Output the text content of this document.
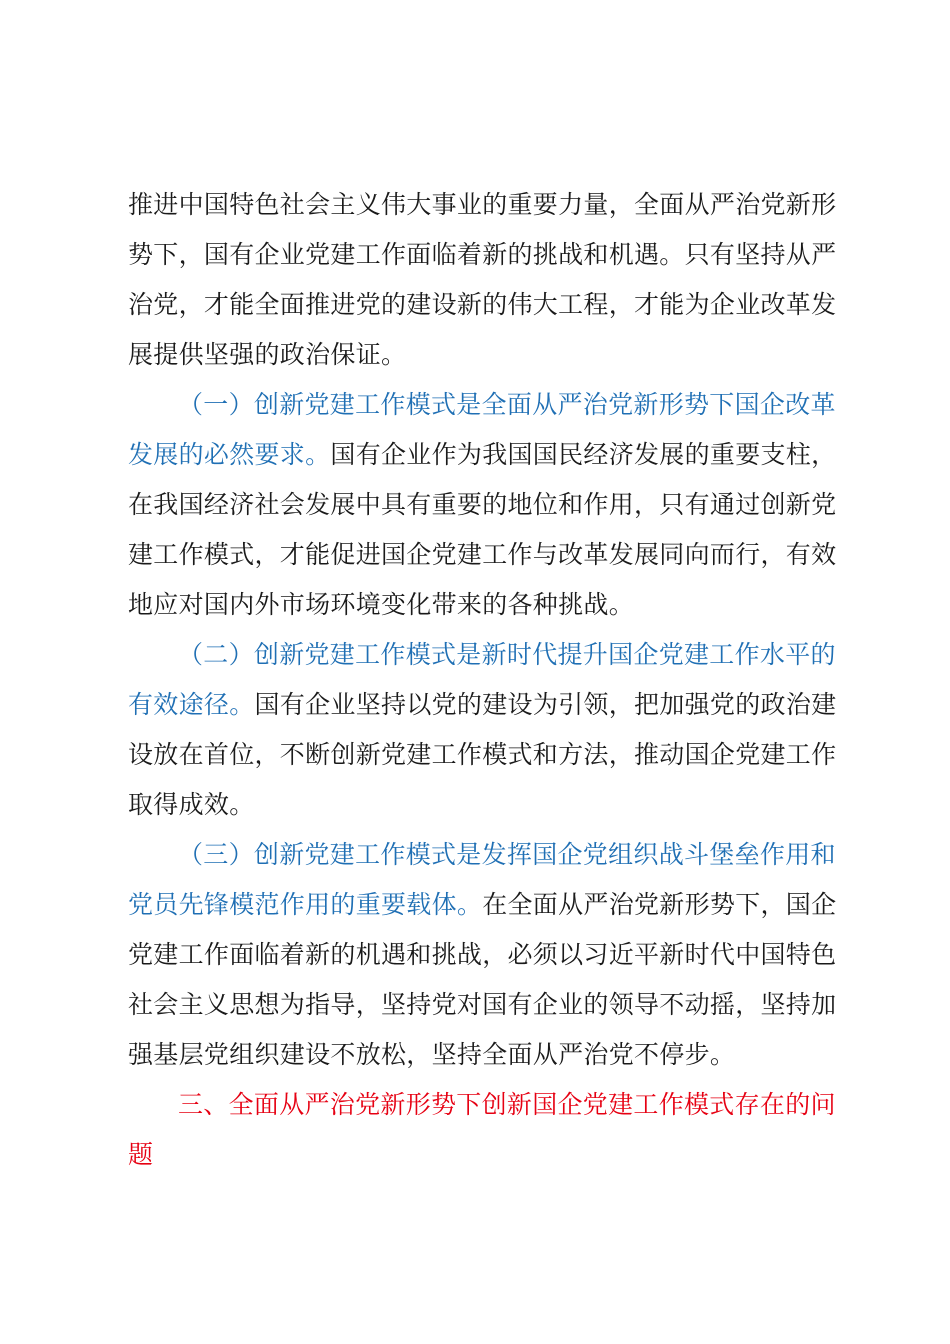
推进中国特色社会主义伟大事业的重要力量，全面从严治党新形
势下，国有企业党建工作面临着新的挑战和机遇。只有坚持从严
治党，才能全面推进党的建设新的伟大工程，才能为企业改革发
展提供坚强的政治保证。
（一）创新党建工作模式是全面从严治党新形势下国企改革
发展的必然要求。国有企业作为我国国民经济发展的重要支柱，
在我国经济社会发展中具有重要的地位和作用，只有通过创新党
建工作模式，才能促进国企党建工作与改革发展同向而行，有效
地应对国内外市场环境变化带来的各种挑战。
（二）创新党建工作模式是新时代提升国企党建工作水平的
有效途径。国有企业坚持以党的建设为引领，把加强党的政治建
设放在首位，不断创新党建工作模式和方法，推动国企党建工作
取得成效。
（三）创新党建工作模式是发挥国企党组织战斗堡垒作用和
党员先锋模范作用的重要载体。在全面从严治党新形势下，国企
党建工作面临着新的机遇和挑战，必须以习近平新时代中国特色
社会主义思想为指导，坚持党对国有企业的领导不动摇，坚持加
强基层党组织建设不放松，坚持全面从严治党不停步。
三、全面从严治党新形势下创新国企党建工作模式存在的问
题
